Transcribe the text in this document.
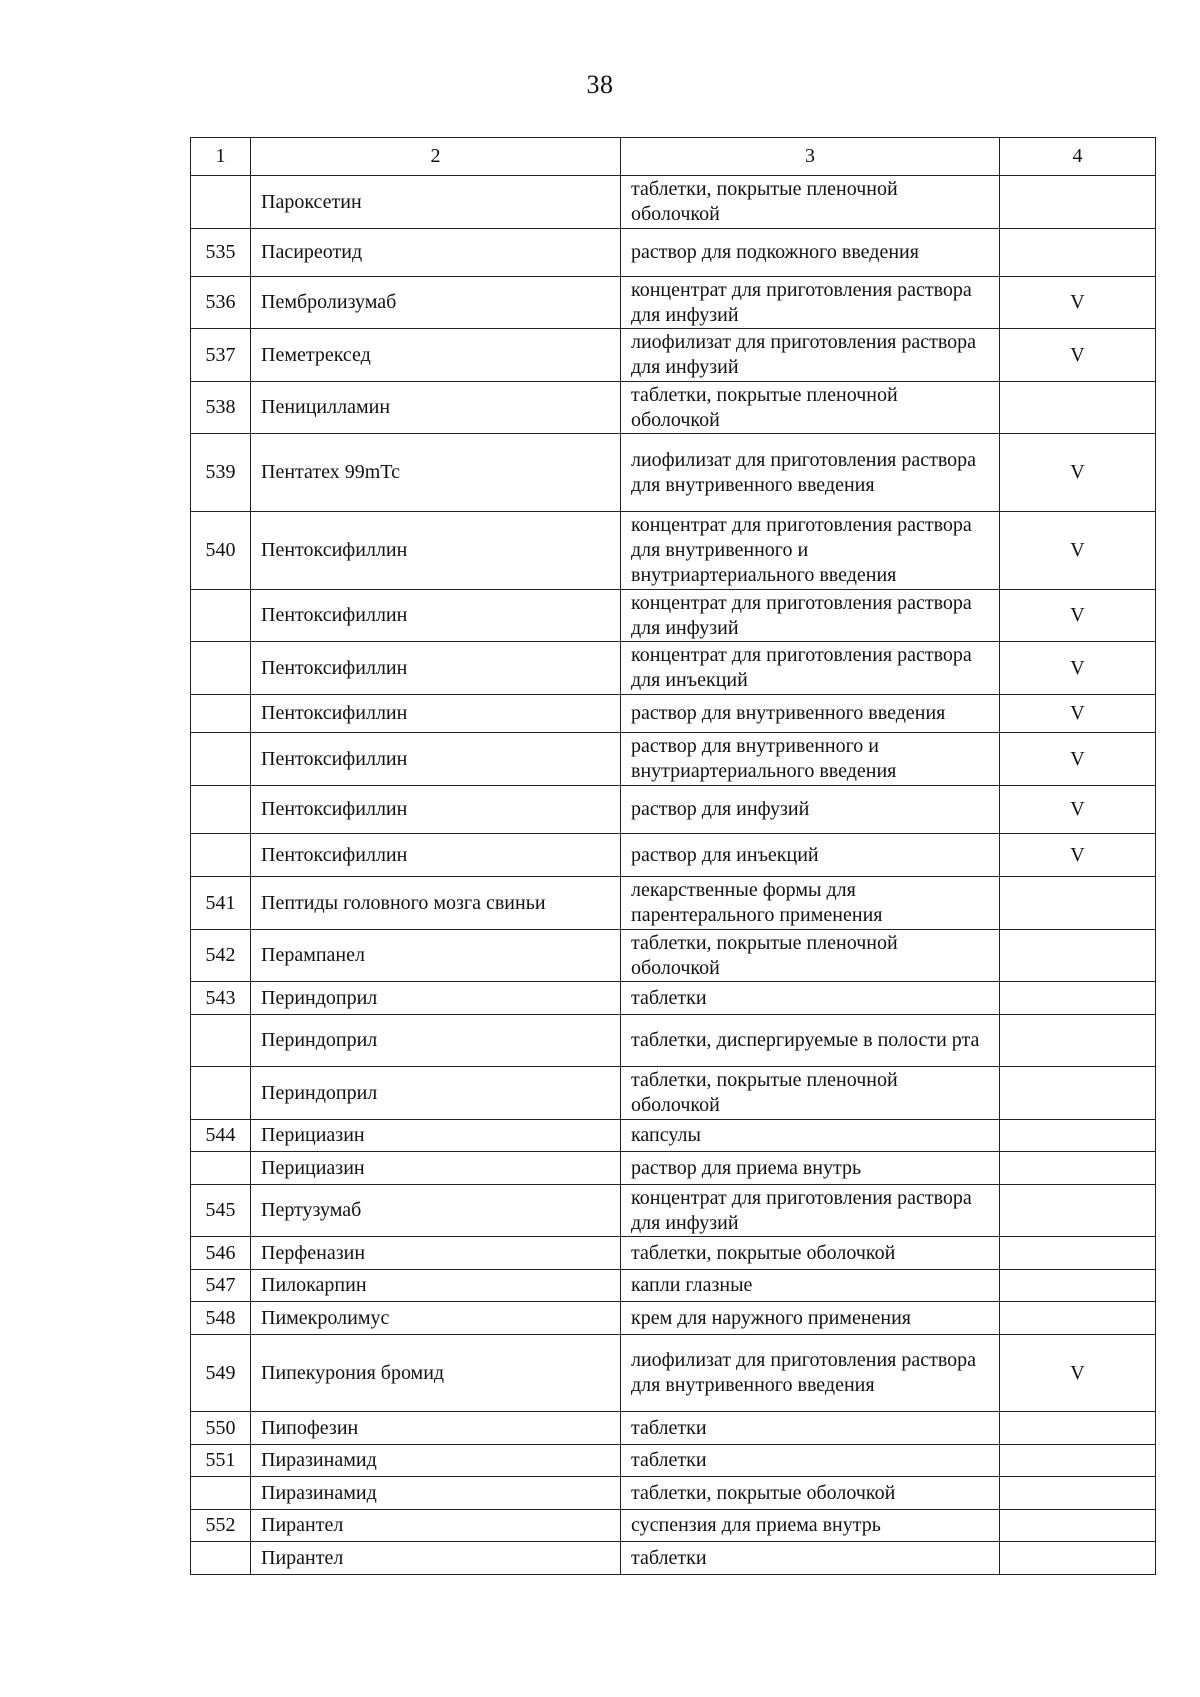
38
1	2	3	4
	Пароксетин	таблетки, покрытые пленочной оболочкой	
535	Пасиреотид	раствор для подкожного введения	
536	Пембролизумаб	концентрат для приготовления раствора для инфузий	V
537	Пеметрексед	лиофилизат для приготовления раствора для инфузий	V
538	Пеницилламин	таблетки, покрытые пленочной оболочкой	
539	Пентатех 99mTc	лиофилизат для приготовления раствора для внутривенного введения	V
540	Пентоксифиллин	концентрат для приготовления раствора для внутривенного и внутриартериального введения	V
	Пентоксифиллин	концентрат для приготовления раствора для инфузий	V
	Пентоксифиллин	концентрат для приготовления раствора для инъекций	V
	Пентоксифиллин	раствор для внутривенного введения	V
	Пентоксифиллин	раствор для внутривенного и внутриартериального введения	V
	Пентоксифиллин	раствор для инфузий	V
	Пентоксифиллин	раствор для инъекций	V
541	Пептиды головного мозга свиньи	лекарственные формы для парентерального применения	
542	Перампанел	таблетки, покрытые пленочной оболочкой	
543	Периндоприл	таблетки	
	Периндоприл	таблетки, диспергируемые в полости рта	
	Периндоприл	таблетки, покрытые пленочной оболочкой	
544	Перициазин	капсулы	
	Перициазин	раствор для приема внутрь	
545	Пертузумаб	концентрат для приготовления раствора для инфузий	
546	Перфеназин	таблетки, покрытые оболочкой	
547	Пилокарпин	капли глазные	
548	Пимекролимус	крем для наружного применения	
549	Пипекурония бромид	лиофилизат для приготовления раствора для внутривенного введения	V
550	Пипофезин	таблетки	
551	Пиразинамид	таблетки	
	Пиразинамид	таблетки, покрытые оболочкой	
552	Пирантел	суспензия для приема внутрь	
	Пирантел	таблетки	
